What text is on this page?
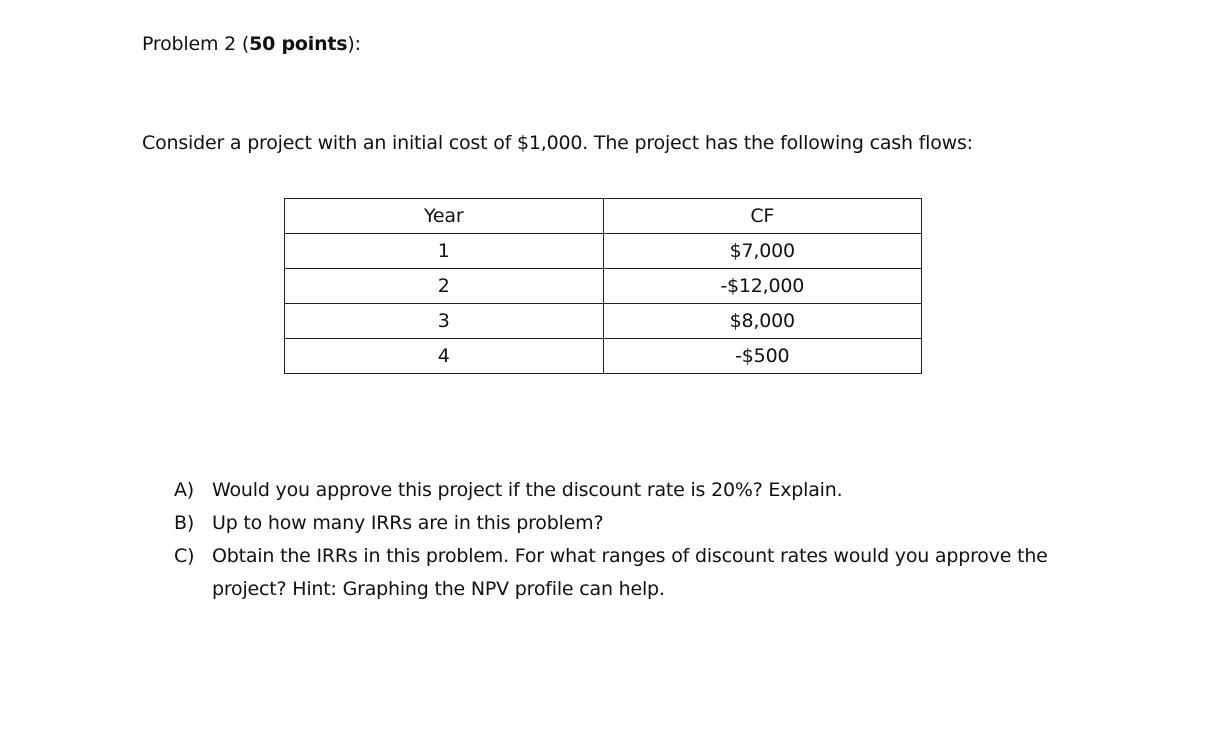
Problem 2 (50 points):
Consider a project with an initial cost of $1,000. The project has the following cash flows:
Year	CF
1	$7,000
2	-$12,000
3	$8,000
4	-$500
A) Would you approve this project if the discount rate is 20%? Explain.
B) Up to how many IRRs are in this problem?
C) Obtain the IRRs in this problem. For what ranges of discount rates would you approve the project? Hint: Graphing the NPV profile can help.
